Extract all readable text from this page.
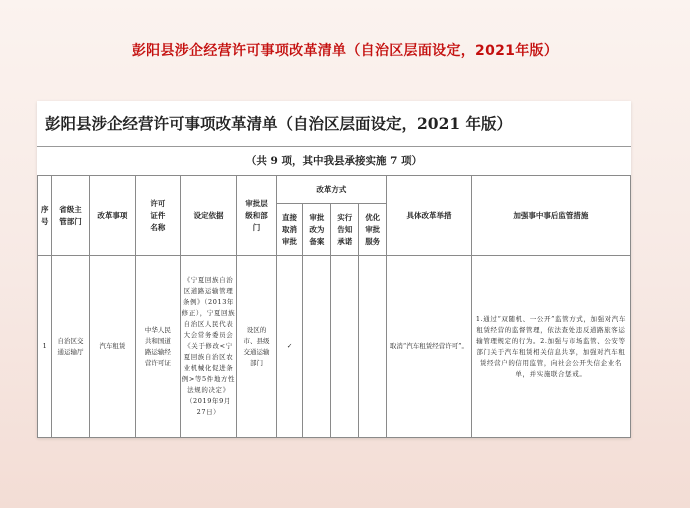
彭阳县涉企经营许可事项改革清单（自治区层面设定，2021年版）
彭阳县涉企经营许可事项改革清单（自治区层面设定，2021 年版）
（共 9 项，其中我县承接实施 7 项）
序号	省级主管部门	改革事项	许可证件名称	设定依据	审批层级和部门	改革方式				具体改革举措	加强事中事后监管措施

						直接取消审批	审批改为备案	实行告知承诺	优化审批服务		

1	自治区交通运输厅	汽车租赁	中华人民共和国道路运输经营许可证	《宁夏回族自治区道路运输管理条例》（2013年修正），宁夏回族自治区人民代表大会常务委员会《关于修改<宁夏回族自治区农业机械化促进条例>等5件地方性法规的决定》（2019年9月27日）	设区的市、县级交通运输部门	✓				取消“汽车租赁经营许可”。	1.通过“双随机、一公开”监管方式，加强对汽车租赁经营的监督管理，依法查处违反道路旅客运输管理规定的行为。2.加强与市场监管、公安等部门关于汽车租赁相关信息共享，加强对汽车租赁经营户的信用监管，向社会公开失信企业名单，并实施联合惩戒。
